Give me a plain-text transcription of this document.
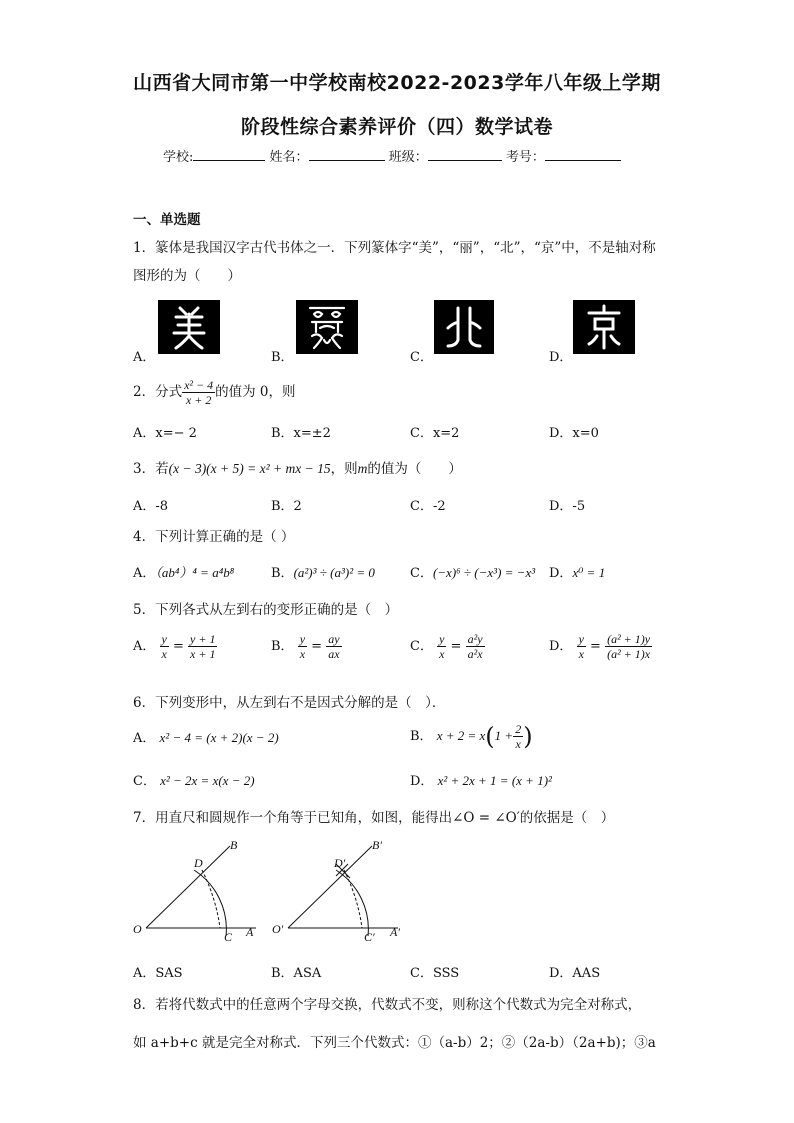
山西省大同市第一中学校南校2022-2023学年八年级上学期
阶段性综合素养评价（四）数学试卷
学校:	姓名：	班级：	考号：
一、单选题
1．篆体是我国汉字古代书体之一．下列篆体字“美”，“丽”，“北”，“京”中，不是轴对称
图形的为（　　）
A．	B．	C．	D．
2．分式 $\frac{\text{x² − 4}}{x + 2}$ 的值为 0，则
A．x=− 2	B．x=±2	C．x=2	D．x=0
3．若(x − 3)(x + 5) = x² + mx − 15，则m的值为（　　）
A．-8	B．2	C．-2	D．-5
4．下列计算正确的是（ ）
A．（ab⁴）⁴ = a⁴b⁸	B．(a²)³ ÷ (a³)² = 0	C．(−x)⁶ ÷ (−x³) = −x³ D．x⁰ = 1
5．下列各式从左到右的变形正确的是（　）
A． $\frac{y}{x} = \frac{y + 1}{x + 1}$	B． $\frac{y}{x} = \frac{ay}{ax}$	C． $\frac{y}{x} = \frac{\text{a²y}}{\text{a²x}}$	D． $\frac{y}{x} = \frac{\text{(a² + 1)y}}{\text{(a² + 1)x}}$
6．下列变形中，从左到右不是因式分解的是（　）．
A． x² − 4 = (x + 2)(x − 2)	B． $x + 2 = x(1 + \frac{2}{x}$ )
C． x² − 2x = x(x − 2)	D． x² + 2x + 1 = (x + 1)²
7．用直尺和圆规作一个角等于已知角，如图，能得出∠O = ∠O′的依据是（　）
B
D
O
C A
B′
D′
O′
C′ A′
A．SAS	B．ASA	C．SSS	D．AAS
8．若将代数式中的任意两个字母交换，代数式不变，则称这个代数式为完全对称式，
如 a+b+c 就是完全对称式．下列三个代数式：①（a-b）2；②（2a-b）（2a+b)；③a
